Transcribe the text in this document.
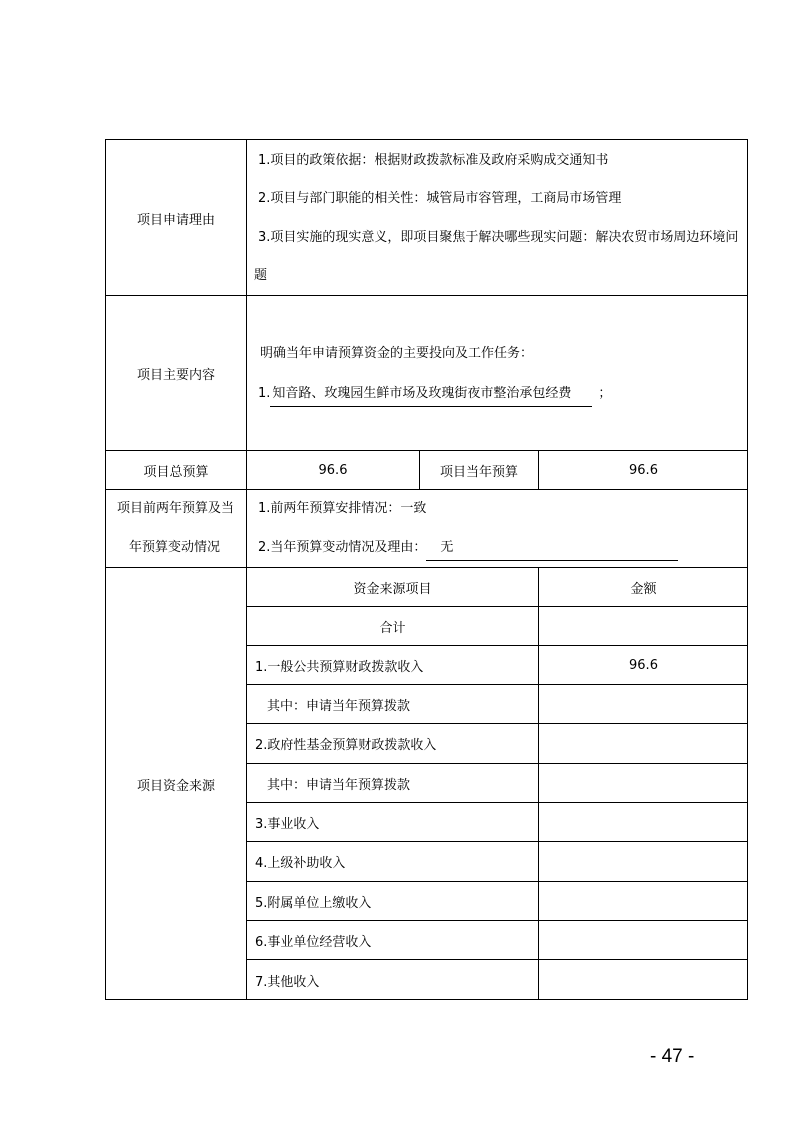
项目申请理由
1.项目的政策依据：根据财政拨款标准及政府采购成交通知书
2.项目与部门职能的相关性：城管局市容管理，工商局市场管理
3.项目实施的现实意义，即项目聚焦于解决哪些现实问题：解决农贸市场周边环境问
题
项目主要内容
明确当年申请预算资金的主要投向及工作任务：
1. 知音路、玫瑰园生鲜市场及玫瑰街夜市整治承包经费 ；
项目总预算	96.6	项目当年预算	96.6
项目前两年预算及当
年预算变动情况
1.前两年预算安排情况：一致
2.当年预算变动情况及理由： 无
项目资金来源
资金来源项目	金额
合计
1.一般公共预算财政拨款收入	96.6
其中：申请当年预算拨款
2.政府性基金预算财政拨款收入
其中：申请当年预算拨款
3.事业收入
4.上级补助收入
5.附属单位上缴收入
6.事业单位经营收入
7.其他收入
- 47 -
